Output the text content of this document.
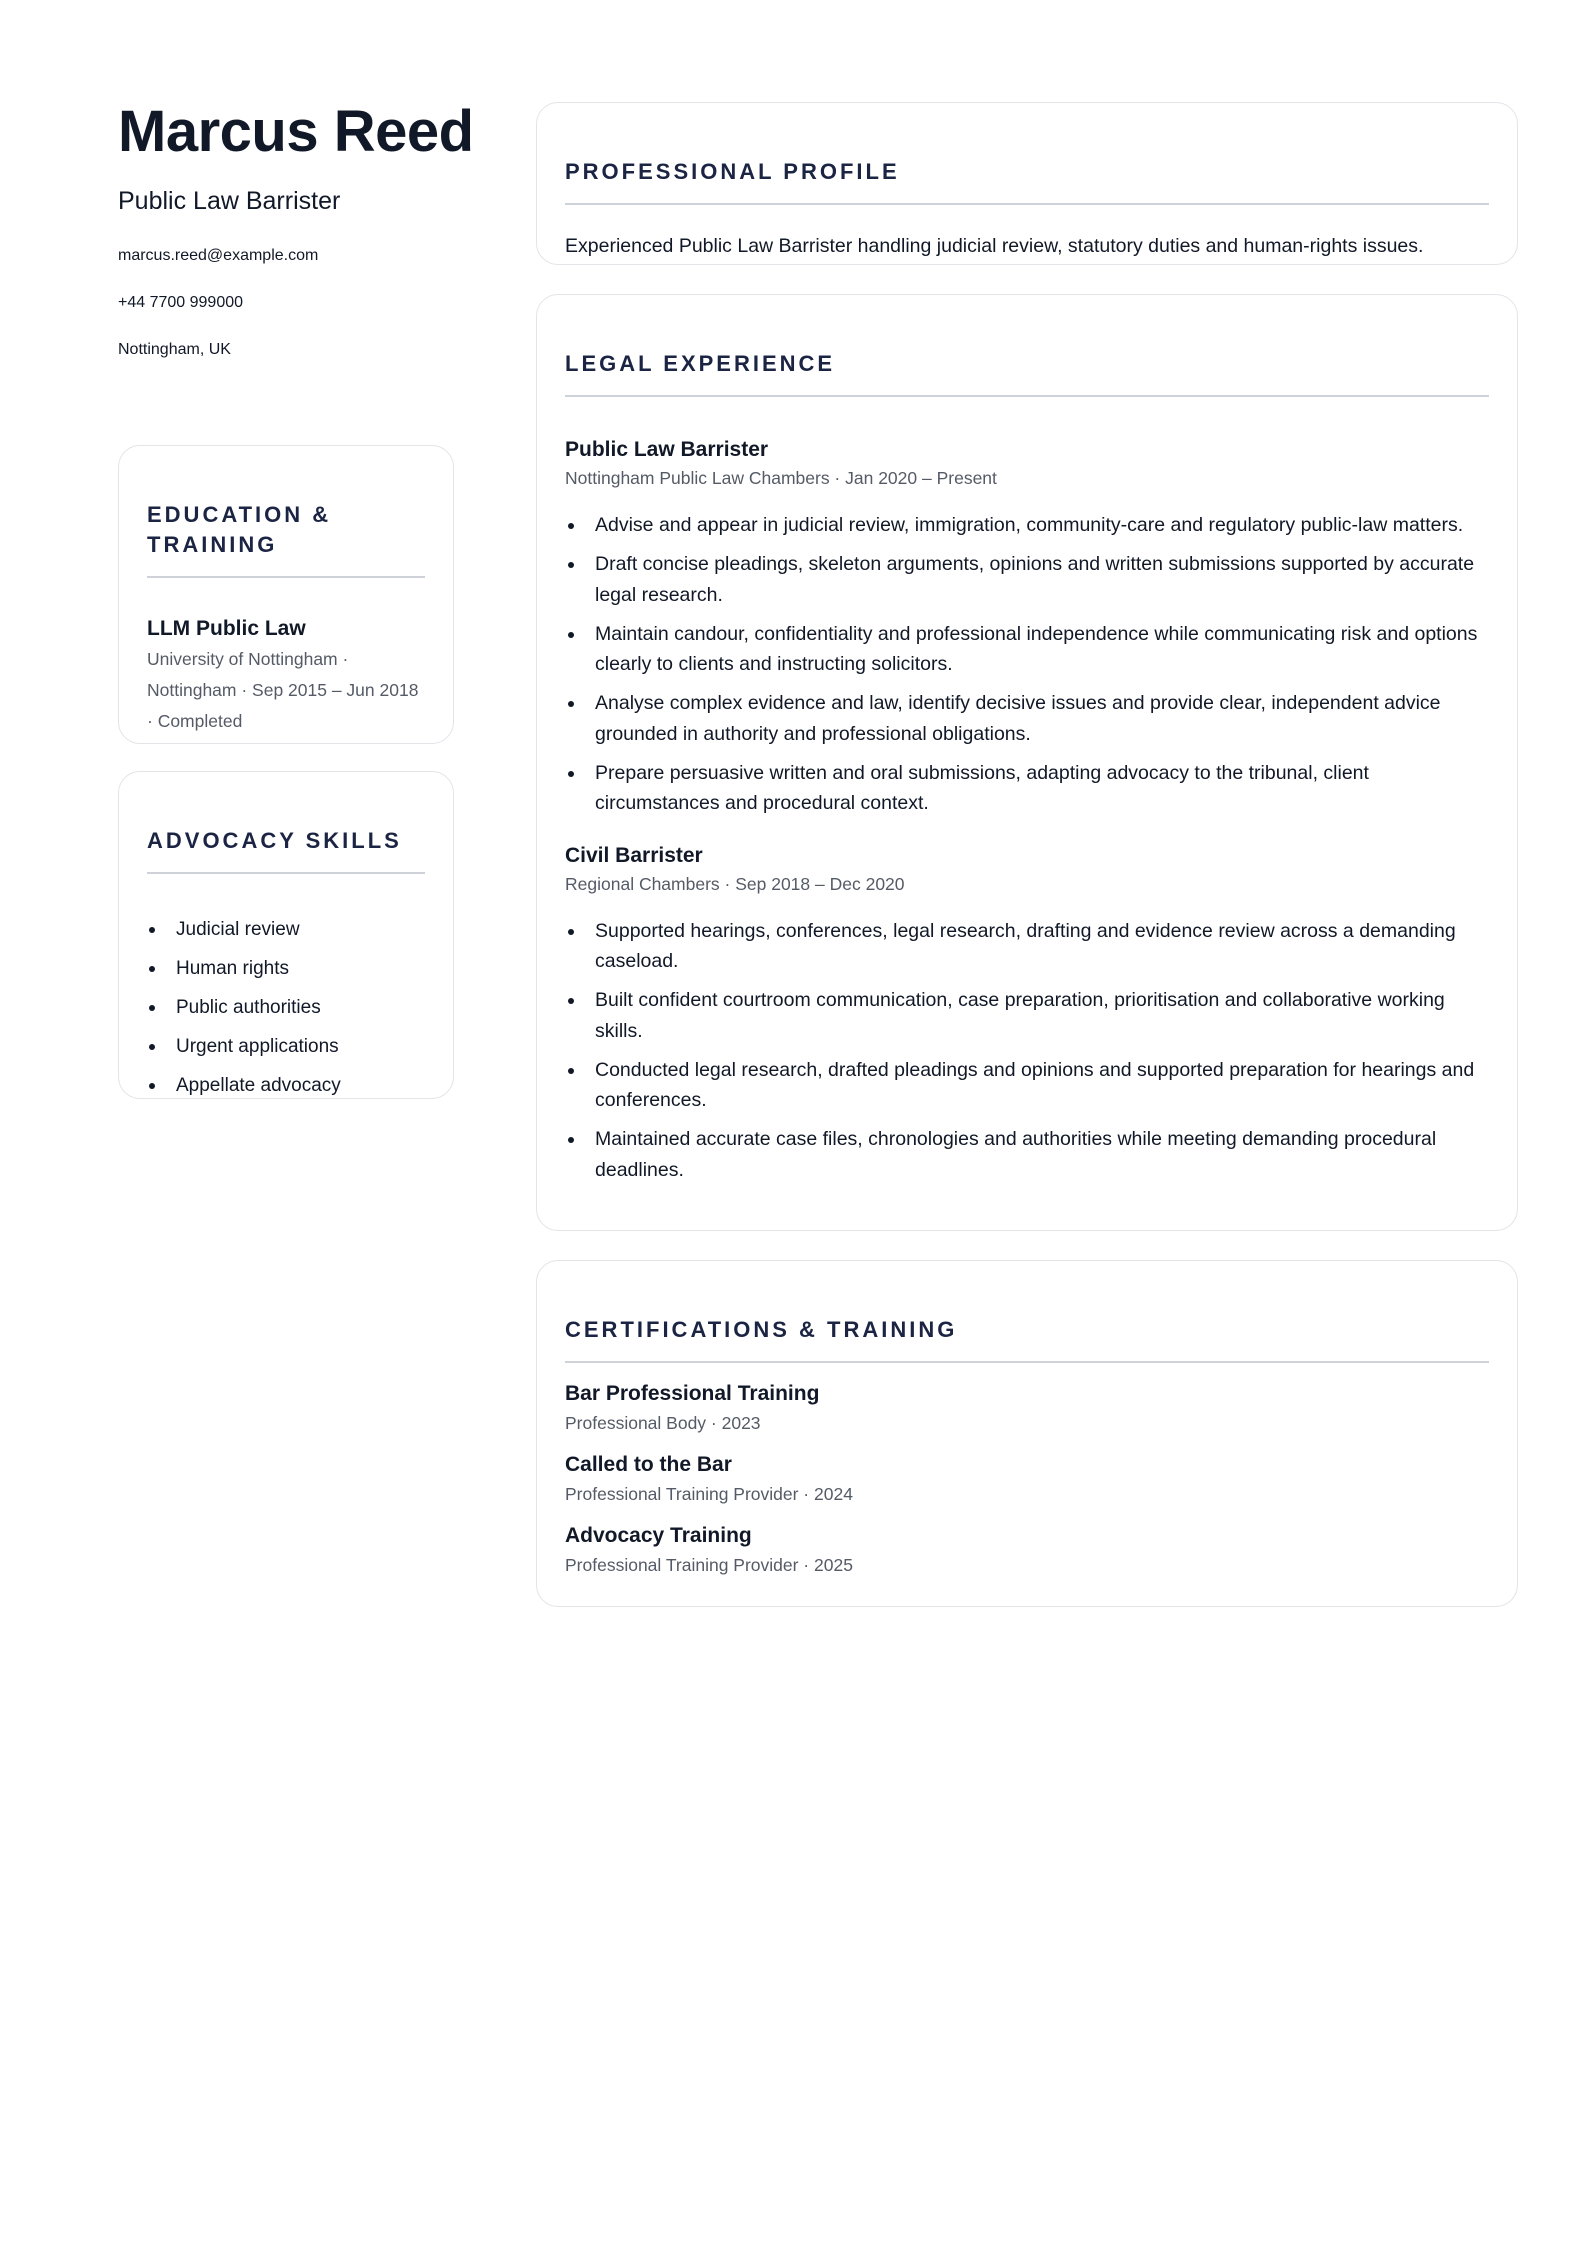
Marcus Reed
Public Law Barrister
marcus.reed@example.com
+44 7700 999000
Nottingham, UK
EDUCATION & TRAINING
LLM Public Law
University of Nottingham · Nottingham · Sep 2015 – Jun 2018 · Completed
ADVOCACY SKILLS
Judicial review
Human rights
Public authorities
Urgent applications
Appellate advocacy
PROFESSIONAL PROFILE
Experienced Public Law Barrister handling judicial review, statutory duties and human-rights issues.
LEGAL EXPERIENCE
Public Law Barrister
Nottingham Public Law Chambers · Jan 2020 – Present
Advise and appear in judicial review, immigration, community-care and regulatory public-law matters.
Draft concise pleadings, skeleton arguments, opinions and written submissions supported by accurate legal research.
Maintain candour, confidentiality and professional independence while communicating risk and options clearly to clients and instructing solicitors.
Analyse complex evidence and law, identify decisive issues and provide clear, independent advice grounded in authority and professional obligations.
Prepare persuasive written and oral submissions, adapting advocacy to the tribunal, client circumstances and procedural context.
Civil Barrister
Regional Chambers · Sep 2018 – Dec 2020
Supported hearings, conferences, legal research, drafting and evidence review across a demanding caseload.
Built confident courtroom communication, case preparation, prioritisation and collaborative working skills.
Conducted legal research, drafted pleadings and opinions and supported preparation for hearings and conferences.
Maintained accurate case files, chronologies and authorities while meeting demanding procedural deadlines.
CERTIFICATIONS & TRAINING
Bar Professional Training
Professional Body · 2023
Called to the Bar
Professional Training Provider · 2024
Advocacy Training
Professional Training Provider · 2025
